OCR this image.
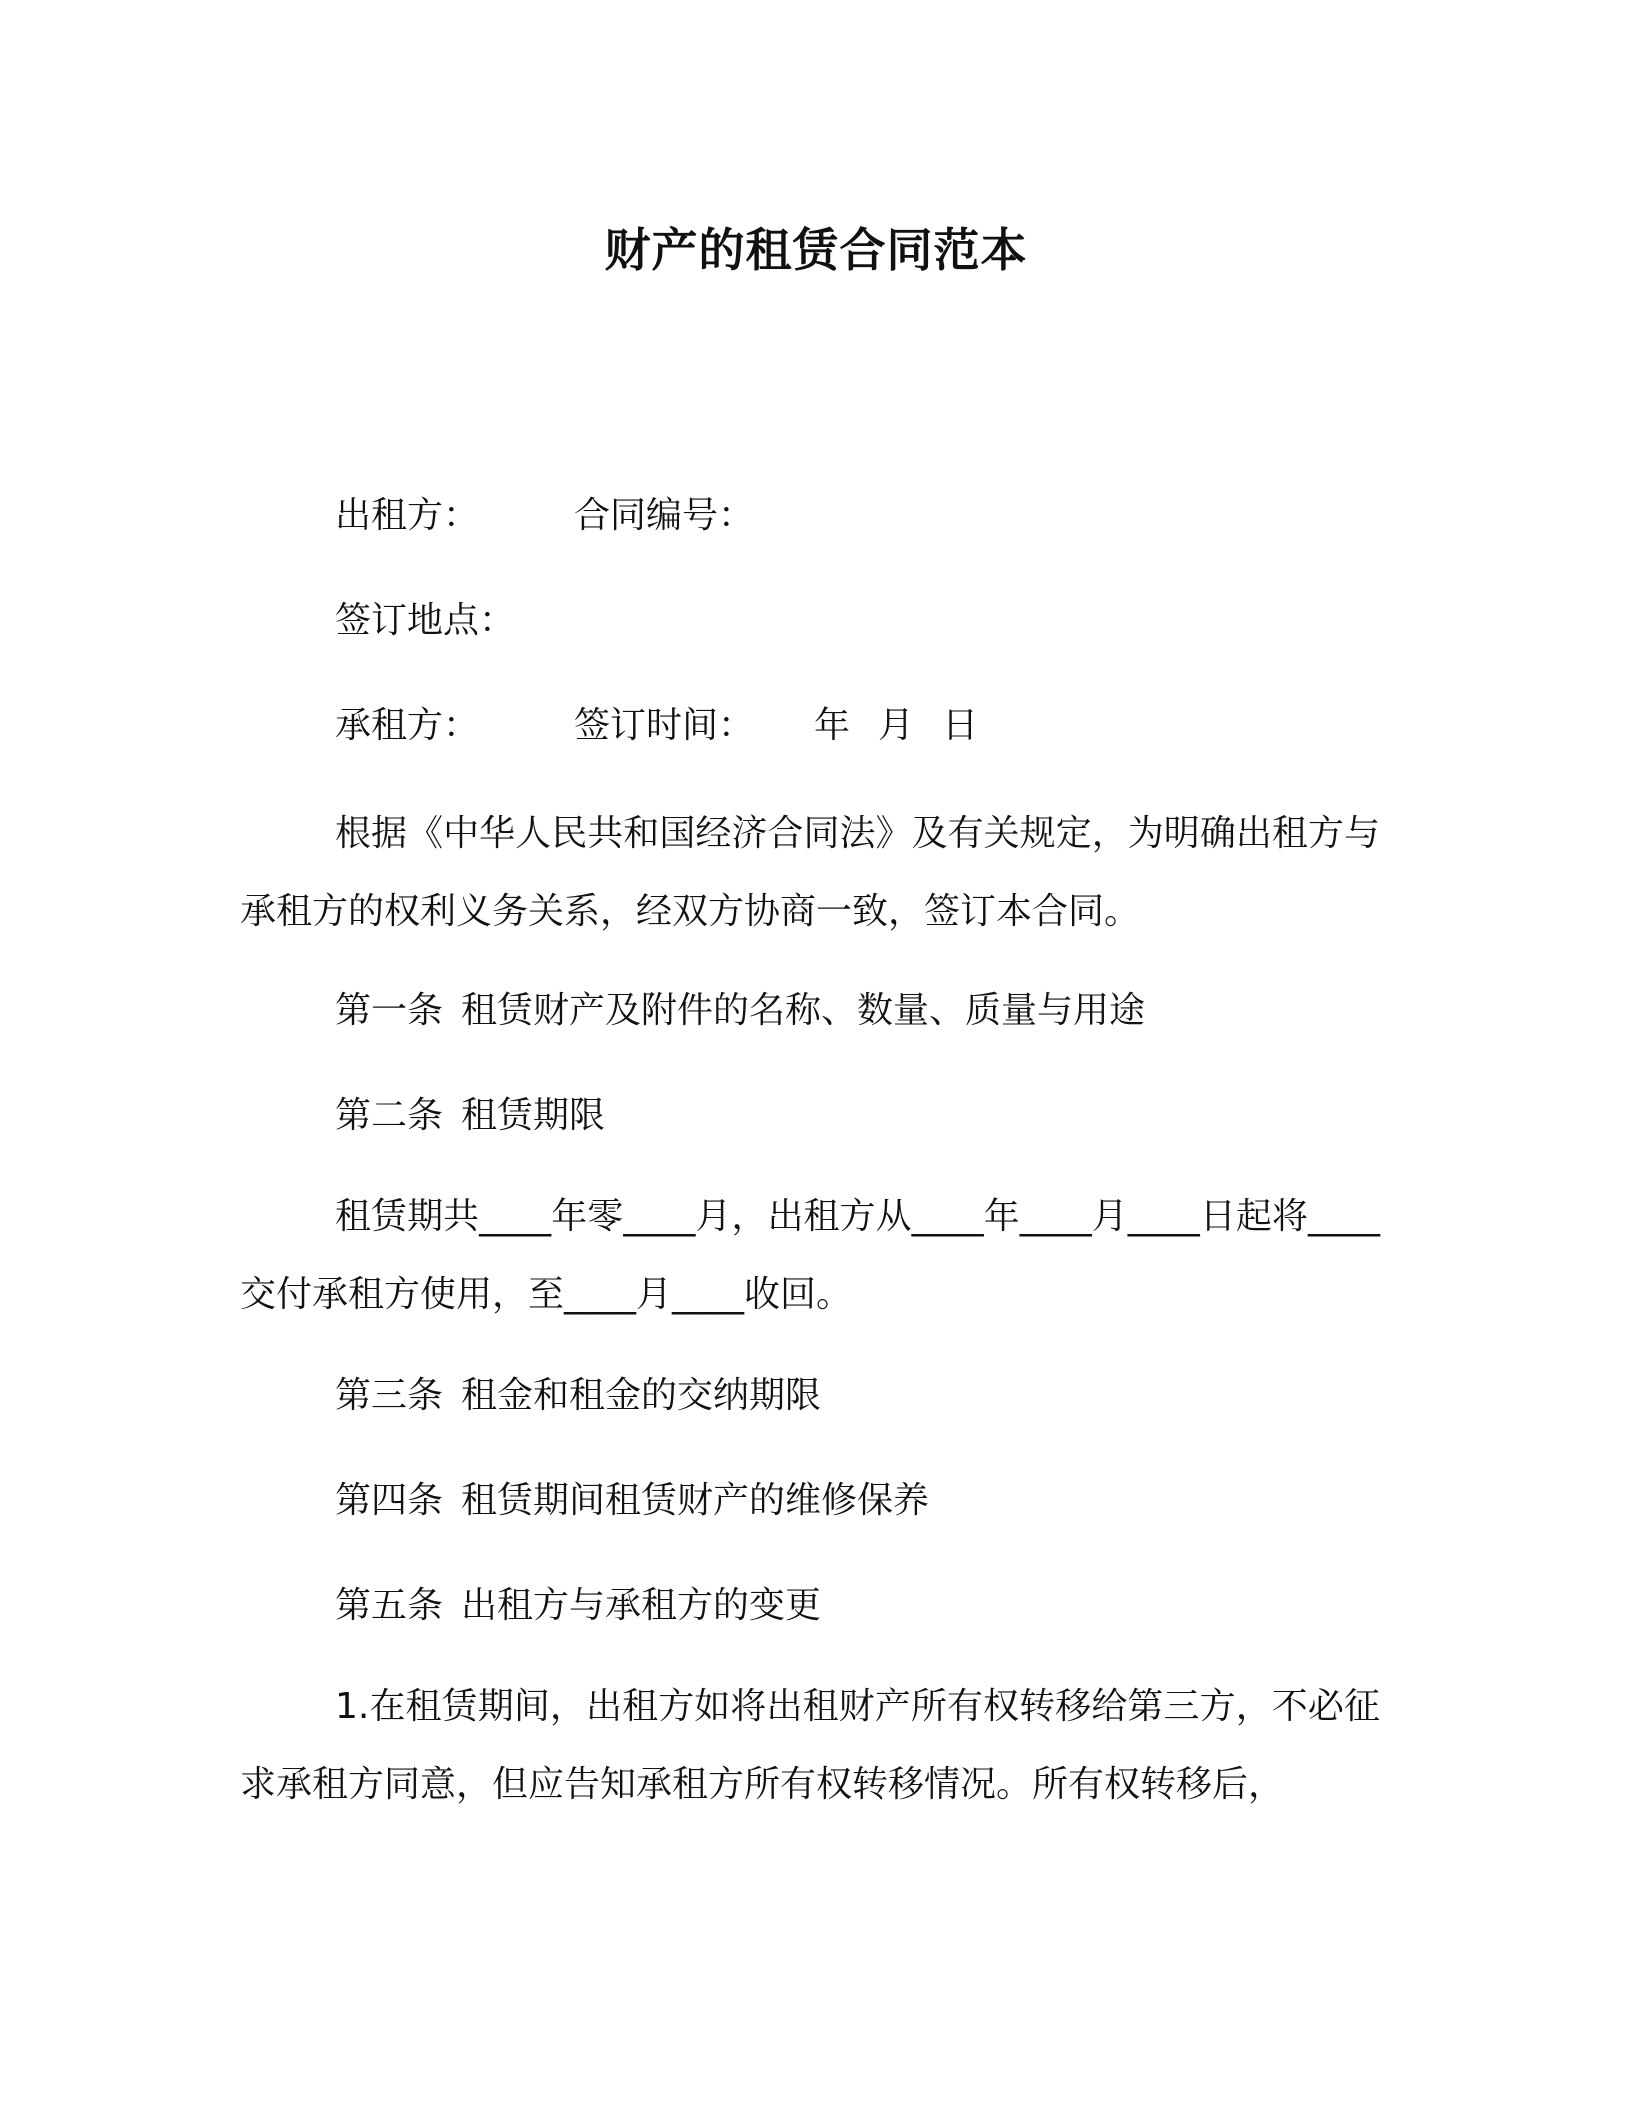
财产的租赁合同范本
出租方：	合同编号：
签订地点：
承租方：	签订时间： 年 月 日
根据《中华人民共和国经济合同法》及有关规定，为明确出租方与承租方的权利义务关系，经双方协商一致，签订本合同。
第一条 租赁财产及附件的名称、数量、质量与用途
第二条 租赁期限
租赁期共____年零____月，出租方从____年____月____日起将____交付承租方使用，至____月____收回。
第三条 租金和租金的交纳期限
第四条 租赁期间租赁财产的维修保养
第五条 出租方与承租方的变更
1.在租赁期间，出租方如将出租财产所有权转移给第三方，不必征求承租方同意，但应告知承租方所有权转移情况。所有权转移后，
